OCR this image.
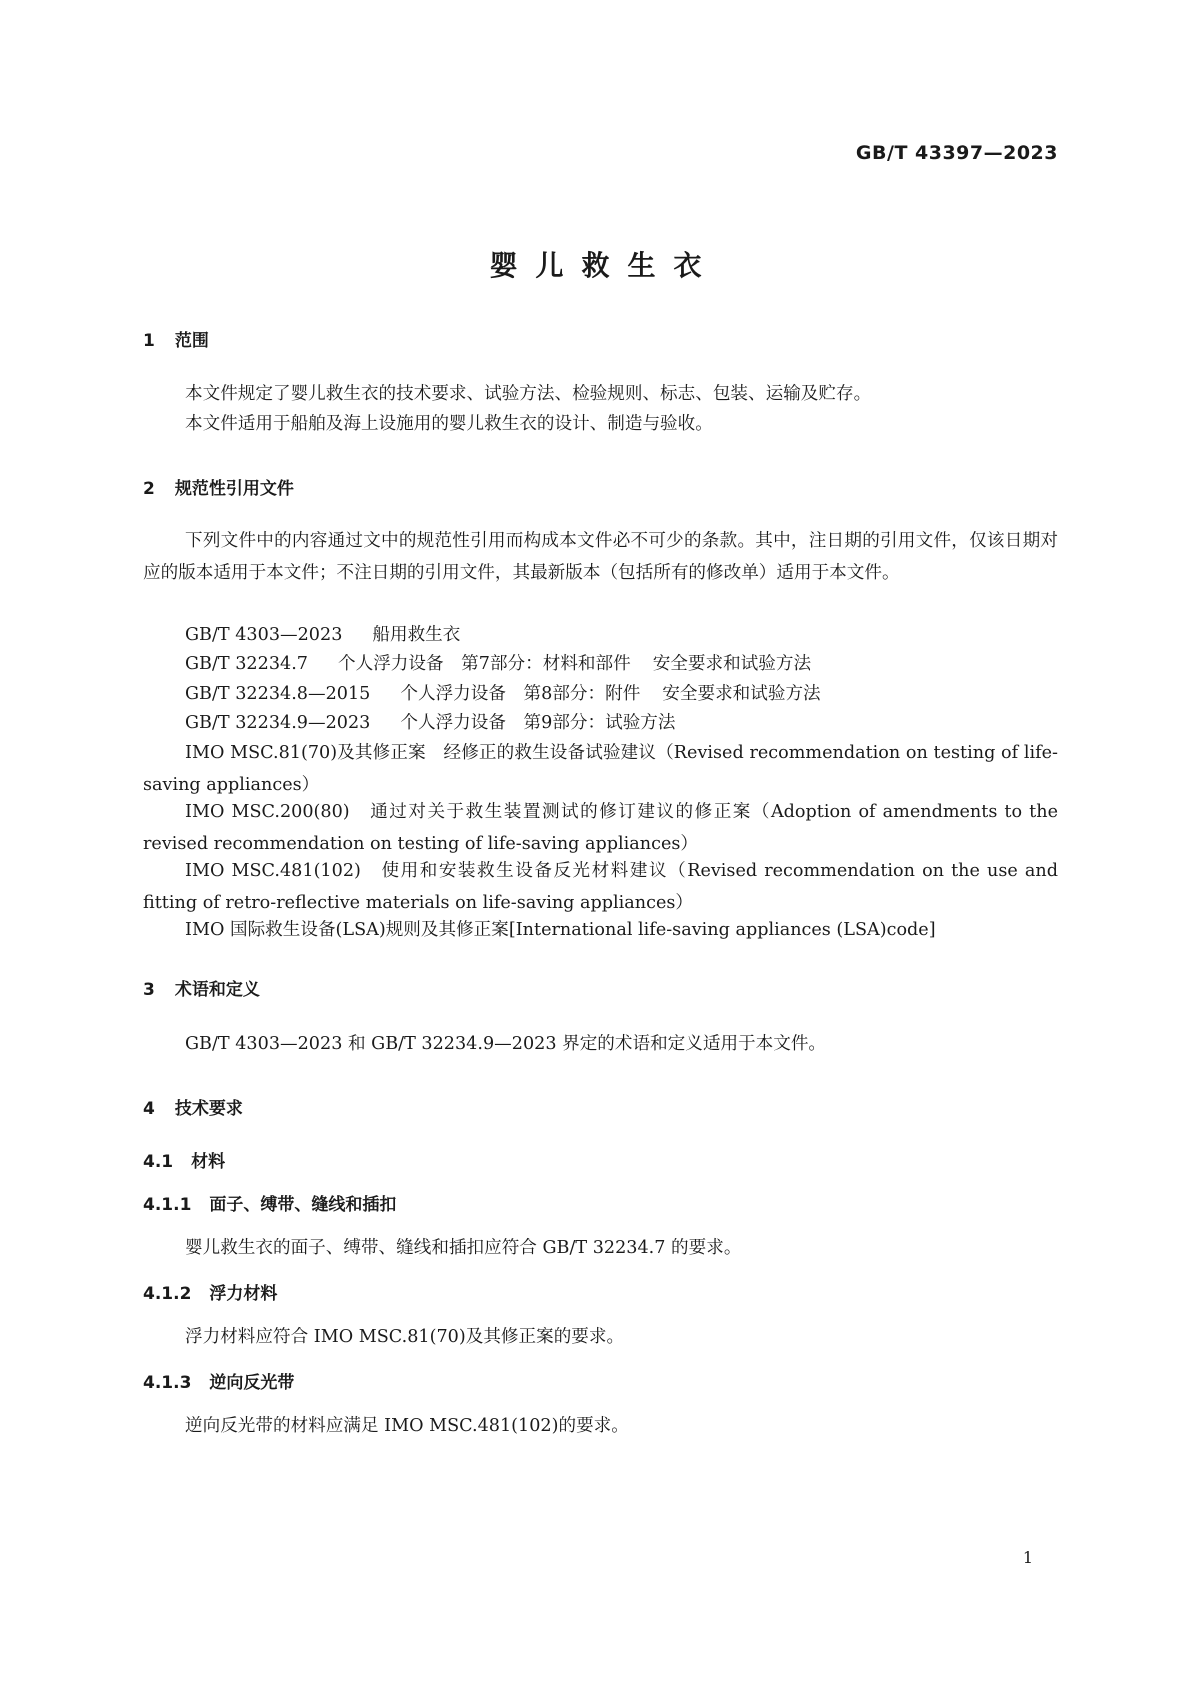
GB/T 43397—2023
婴儿救生衣
1 范围
本文件规定了婴儿救生衣的技术要求、试验方法、检验规则、标志、包装、运输及贮存。
本文件适用于船舶及海上设施用的婴儿救生衣的设计、制造与验收。
2 规范性引用文件
下列文件中的内容通过文中的规范性引用而构成本文件必不可少的条款。其中，注日期的引用文件，仅该日期对应的版本适用于本文件；不注日期的引用文件，其最新版本（包括所有的修改单）适用于本文件。
GB/T 4303—2023 船用救生衣
GB/T 32234.7 个人浮力设备　第7部分：材料和部件 安全要求和试验方法
GB/T 32234.8—2015 个人浮力设备　第8部分：附件 安全要求和试验方法
GB/T 32234.9—2023 个人浮力设备　第9部分：试验方法
IMO MSC.81(70)及其修正案　经修正的救生设备试验建议（Revised recommendation on testing of life-saving appliances）
IMO MSC.200(80)　通过对关于救生装置测试的修订建议的修正案（Adoption of amendments to the revised recommendation on testing of life-saving appliances）
IMO MSC.481(102)　使用和安装救生设备反光材料建议（Revised recommendation on the use and fitting of retro-reflective materials on life-saving appliances）
IMO 国际救生设备(LSA)规则及其修正案[International life-saving appliances (LSA)code]
3 术语和定义
GB/T 4303—2023 和 GB/T 32234.9—2023 界定的术语和定义适用于本文件。
4 技术要求
4.1 材料
4.1.1 面子、缚带、缝线和插扣
婴儿救生衣的面子、缚带、缝线和插扣应符合 GB/T 32234.7 的要求。
4.1.2 浮力材料
浮力材料应符合 IMO MSC.81(70)及其修正案的要求。
4.1.3 逆向反光带
逆向反光带的材料应满足 IMO MSC.481(102)的要求。
1
